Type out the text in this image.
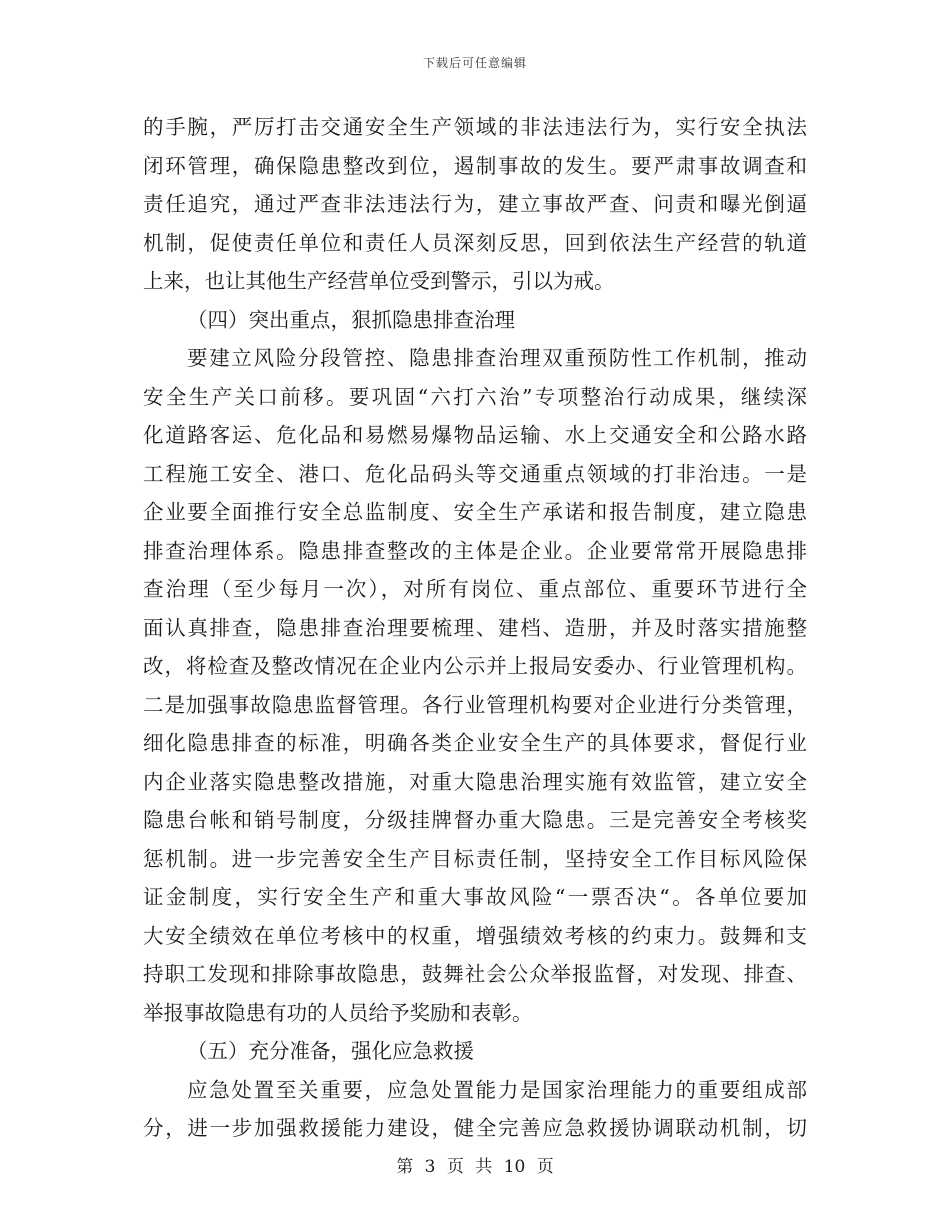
下载后可任意编辑
的手腕，严厉打击交通安全生产领域的非法违法行为，实行安全执法
闭环管理，确保隐患整改到位，遏制事故的发生。要严肃事故调查和
责任追究，通过严查非法违法行为，建立事故严查、问责和曝光倒逼
机制，促使责任单位和责任人员深刻反思，回到依法生产经营的轨道
上来，也让其他生产经营单位受到警示，引以为戒。
（四）突出重点，狠抓隐患排查治理
要建立风险分段管控、隐患排查治理双重预防性工作机制，推动
安全生产关口前移。要巩固“六打六治”专项整治行动成果，继续深
化道路客运、危化品和易燃易爆物品运输、水上交通安全和公路水路
工程施工安全、港口、危化品码头等交通重点领域的打非治违。一是
企业要全面推行安全总监制度、安全生产承诺和报告制度，建立隐患
排查治理体系。隐患排查整改的主体是企业。企业要常常开展隐患排
查治理（至少每月一次），对所有岗位、重点部位、重要环节进行全
面认真排查，隐患排查治理要梳理、建档、造册，并及时落实措施整
改，将检查及整改情况在企业内公示并上报局安委办、行业管理机构。
二是加强事故隐患监督管理。各行业管理机构要对企业进行分类管理，
细化隐患排查的标准，明确各类企业安全生产的具体要求，督促行业
内企业落实隐患整改措施，对重大隐患治理实施有效监管，建立安全
隐患台帐和销号制度，分级挂牌督办重大隐患。三是完善安全考核奖
惩机制。进一步完善安全生产目标责任制，坚持安全工作目标风险保
证金制度，实行安全生产和重大事故风险“一票否决“。各单位要加
大安全绩效在单位考核中的权重，增强绩效考核的约束力。鼓舞和支
持职工发现和排除事故隐患，鼓舞社会公众举报监督，对发现、排查、
举报事故隐患有功的人员给予奖励和表彰。
（五）充分准备，强化应急救援
应急处置至关重要，应急处置能力是国家治理能力的重要组成部
分，进一步加强救援能力建设，健全完善应急救援协调联动机制，切
第 3 页 共 10 页
